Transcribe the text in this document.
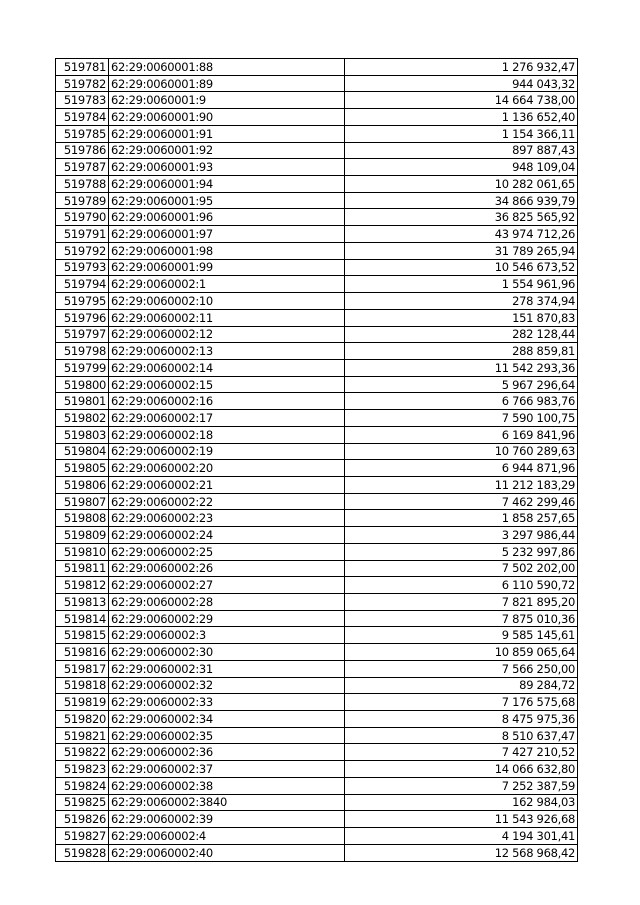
519781	62:29:0060001:88	1 276 932,47
519782	62:29:0060001:89	944 043,32
519783	62:29:0060001:9	14 664 738,00
519784	62:29:0060001:90	1 136 652,40
519785	62:29:0060001:91	1 154 366,11
519786	62:29:0060001:92	897 887,43
519787	62:29:0060001:93	948 109,04
519788	62:29:0060001:94	10 282 061,65
519789	62:29:0060001:95	34 866 939,79
519790	62:29:0060001:96	36 825 565,92
519791	62:29:0060001:97	43 974 712,26
519792	62:29:0060001:98	31 789 265,94
519793	62:29:0060001:99	10 546 673,52
519794	62:29:0060002:1	1 554 961,96
519795	62:29:0060002:10	278 374,94
519796	62:29:0060002:11	151 870,83
519797	62:29:0060002:12	282 128,44
519798	62:29:0060002:13	288 859,81
519799	62:29:0060002:14	11 542 293,36
519800	62:29:0060002:15	5 967 296,64
519801	62:29:0060002:16	6 766 983,76
519802	62:29:0060002:17	7 590 100,75
519803	62:29:0060002:18	6 169 841,96
519804	62:29:0060002:19	10 760 289,63
519805	62:29:0060002:20	6 944 871,96
519806	62:29:0060002:21	11 212 183,29
519807	62:29:0060002:22	7 462 299,46
519808	62:29:0060002:23	1 858 257,65
519809	62:29:0060002:24	3 297 986,44
519810	62:29:0060002:25	5 232 997,86
519811	62:29:0060002:26	7 502 202,00
519812	62:29:0060002:27	6 110 590,72
519813	62:29:0060002:28	7 821 895,20
519814	62:29:0060002:29	7 875 010,36
519815	62:29:0060002:3	9 585 145,61
519816	62:29:0060002:30	10 859 065,64
519817	62:29:0060002:31	7 566 250,00
519818	62:29:0060002:32	89 284,72
519819	62:29:0060002:33	7 176 575,68
519820	62:29:0060002:34	8 475 975,36
519821	62:29:0060002:35	8 510 637,47
519822	62:29:0060002:36	7 427 210,52
519823	62:29:0060002:37	14 066 632,80
519824	62:29:0060002:38	7 252 387,59
519825	62:29:0060002:3840	162 984,03
519826	62:29:0060002:39	11 543 926,68
519827	62:29:0060002:4	4 194 301,41
519828	62:29:0060002:40	12 568 968,42
